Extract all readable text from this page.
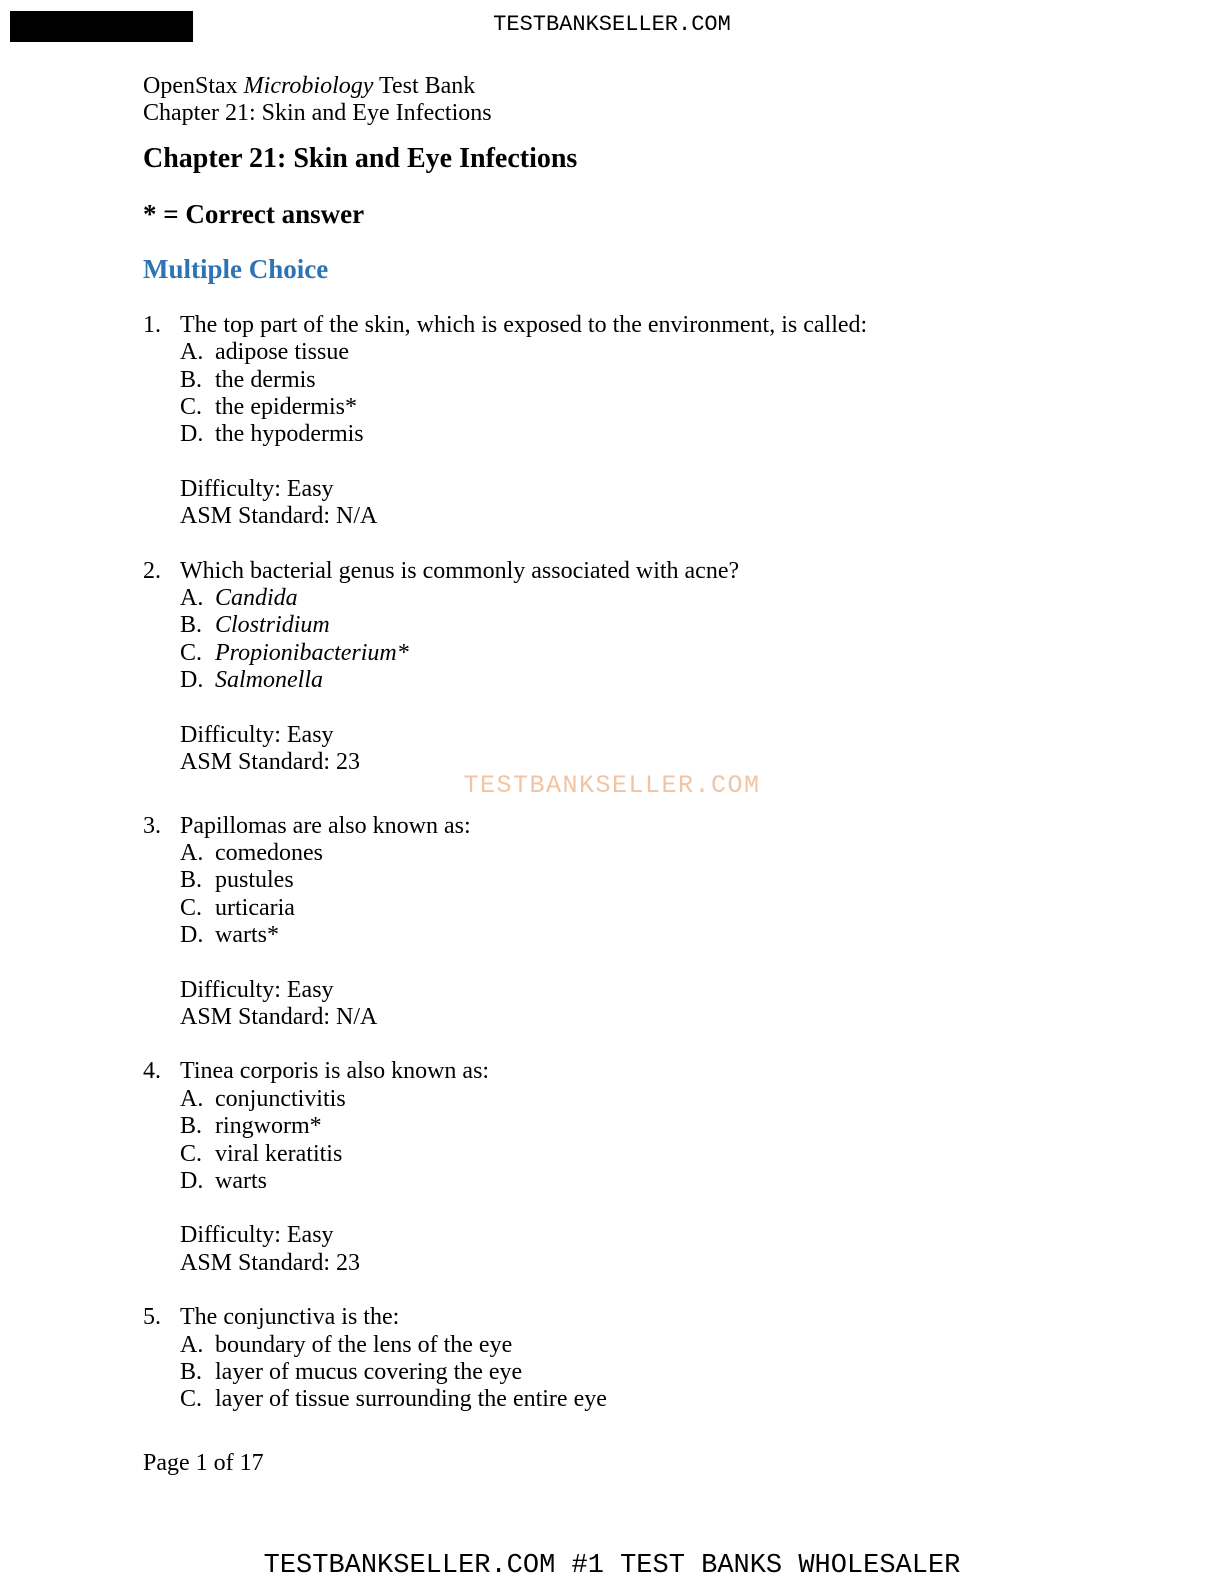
TESTBANKSELLER.COM
OpenStax Microbiology Test Bank
Chapter 21: Skin and Eye Infections
Chapter 21: Skin and Eye Infections
* = Correct answer
Multiple Choice
1. The top part of the skin, which is exposed to the environment, is called:
A. adipose tissue
B. the dermis
C. the epidermis*
D. the hypodermis
Difficulty: Easy
ASM Standard: N/A
2. Which bacterial genus is commonly associated with acne?
A. Candida
B. Clostridium
C. Propionibacterium*
D. Salmonella
Difficulty: Easy
ASM Standard: 23
3. Papillomas are also known as:
A. comedones
B. pustules
C. urticaria
D. warts*
Difficulty: Easy
ASM Standard: N/A
4. Tinea corporis is also known as:
A. conjunctivitis
B. ringworm*
C. viral keratitis
D. warts
Difficulty: Easy
ASM Standard: 23
5. The conjunctiva is the:
A. boundary of the lens of the eye
B. layer of mucus covering the eye
C. layer of tissue surrounding the entire eye
TESTBANKSELLER.COM
Page 1 of 17
TESTBANKSELLER.COM #1 TEST BANKS WHOLESALER
